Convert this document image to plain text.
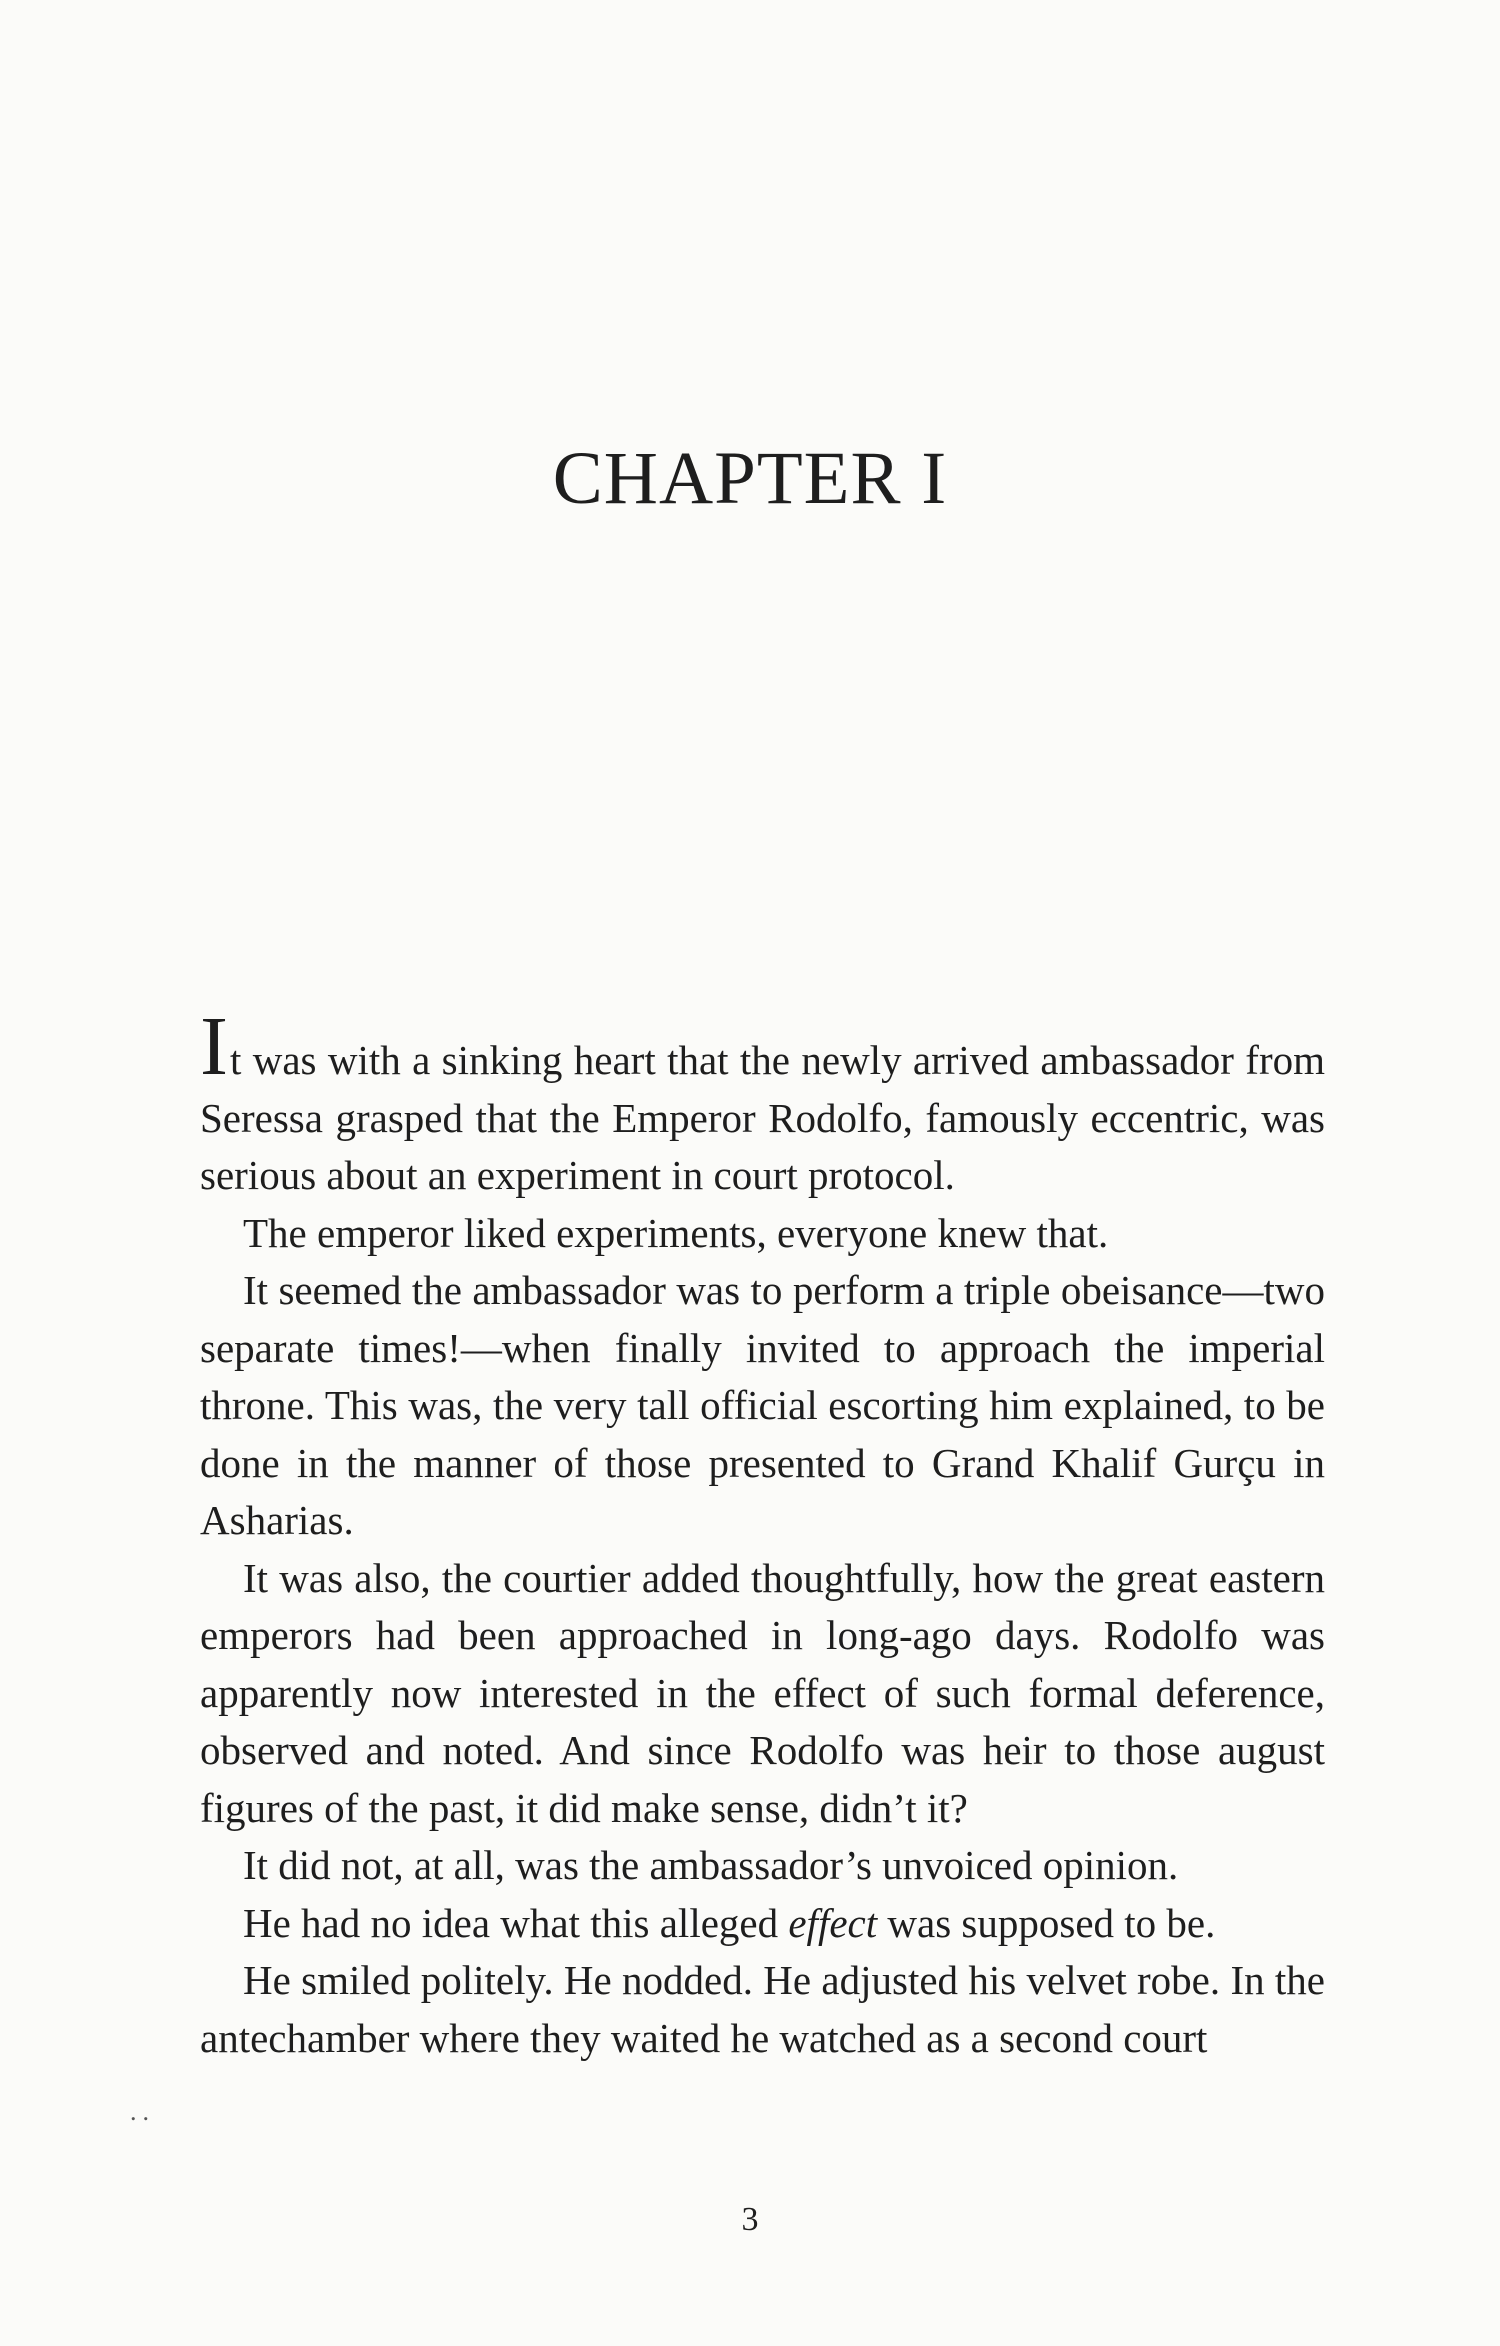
CHAPTER I

It was with a sinking heart that the newly arrived ambassador from Seressa grasped that the Emperor Rodolfo, famously eccentric, was serious about an experiment in court protocol.

The emperor liked experiments, everyone knew that.

It seemed the ambassador was to perform a triple obeisance—two separate times!—when finally invited to approach the imperial throne. This was, the very tall official escorting him explained, to be done in the manner of those presented to Grand Khalif Gurçu in Asharias.

It was also, the courtier added thoughtfully, how the great eastern emperors had been approached in long-ago days. Rodolfo was apparently now interested in the effect of such formal deference, observed and noted. And since Rodolfo was heir to those august figures of the past, it did make sense, didn’t it?

It did not, at all, was the ambassador’s unvoiced opinion.

He had no idea what this alleged effect was supposed to be.

He smiled politely. He nodded. He adjusted his velvet robe. In the antechamber where they waited he watched as a second court

..
3
